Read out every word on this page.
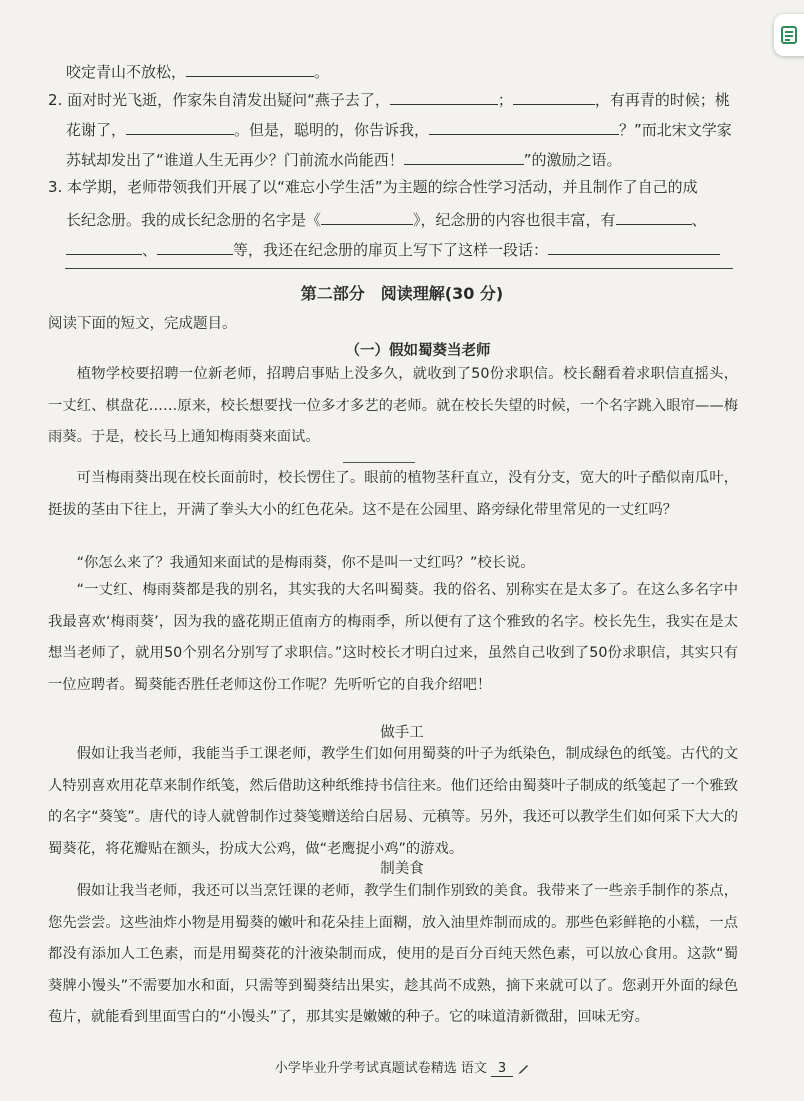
咬定青山不放松，	。
2. 面对时光飞逝，作家朱自清发出疑问“燕子去了，	；	，有再青的时候；桃
花谢了，	。但是，聪明的，你告诉我，	？”而北宋文学家
苏轼却发出了“谁道人生无再少？门前流水尚能西！	”的激励之语。
3. 本学期，老师带领我们开展了以“难忘小学生活”为主题的综合性学习活动，并且制作了自己的成
长纪念册。我的成长纪念册的名字是《	》，纪念册的内容也很丰富，有	、
、	等，我还在纪念册的扉页上写下了这样一段话：
第二部分　阅读理解(30 分)
阅读下面的短文，完成题目。
（一）假如蜀葵当老师
植物学校要招聘一位新老师，招聘启事贴上没多久，就收到了50份求职信。校长翻看着求职信直摇头，一丈红、棋盘花……原来，校长想要找一位多才多艺的老师。就在校长失望的时候，一个名字跳入眼帘——梅雨葵。于是，校长马上通知梅雨葵来面试。
可当梅雨葵出现在校长面前时，校长愣住了。眼前的植物茎秆直立，没有分支，宽大的叶子酷似南瓜叶，挺拔的茎由下往上，开满了拳头大小的红色花朵。这不是在公园里、路旁绿化带里常见的一丈红吗？
“你怎么来了？我通知来面试的是梅雨葵，你不是叫一丈红吗？”校长说。
“一丈红、梅雨葵都是我的别名，其实我的大名叫蜀葵。我的俗名、别称实在是太多了。在这么多名字中我最喜欢‘梅雨葵’，因为我的盛花期正值南方的梅雨季，所以便有了这个雅致的名字。校长先生，我实在是太想当老师了，就用50个别名分别写了求职信。”这时校长才明白过来，虽然自己收到了50份求职信，其实只有一位应聘者。蜀葵能否胜任老师这份工作呢？先听听它的自我介绍吧！
做手工
假如让我当老师，我能当手工课老师，教学生们如何用蜀葵的叶子为纸染色，制成绿色的纸笺。古代的文人特别喜欢用花草来制作纸笺，然后借助这种纸维持书信往来。他们还给由蜀葵叶子制成的纸笺起了一个雅致的名字“葵笺”。唐代的诗人就曾制作过葵笺赠送给白居易、元稹等。另外，我还可以教学生们如何采下大大的蜀葵花，将花瓣贴在额头，扮成大公鸡，做“老鹰捉小鸡”的游戏。
制美食
假如让我当老师，我还可以当烹饪课的老师，教学生们制作别致的美食。我带来了一些亲手制作的茶点，您先尝尝。这些油炸小物是用蜀葵的嫩叶和花朵挂上面糊，放入油里炸制而成的。那些色彩鲜艳的小糕，一点都没有添加人工色素，而是用蜀葵花的汁液染制而成，使用的是百分百纯天然色素，可以放心食用。这款“蜀葵牌小馒头”不需要加水和面，只需等到蜀葵结出果实，趁其尚不成熟，摘下来就可以了。您剥开外面的绿色苞片，就能看到里面雪白的“小馒头”了，那其实是嫩嫩的种子。它的味道清新微甜，回味无穷。
小学毕业升学考试真题试卷精选 语文 3
